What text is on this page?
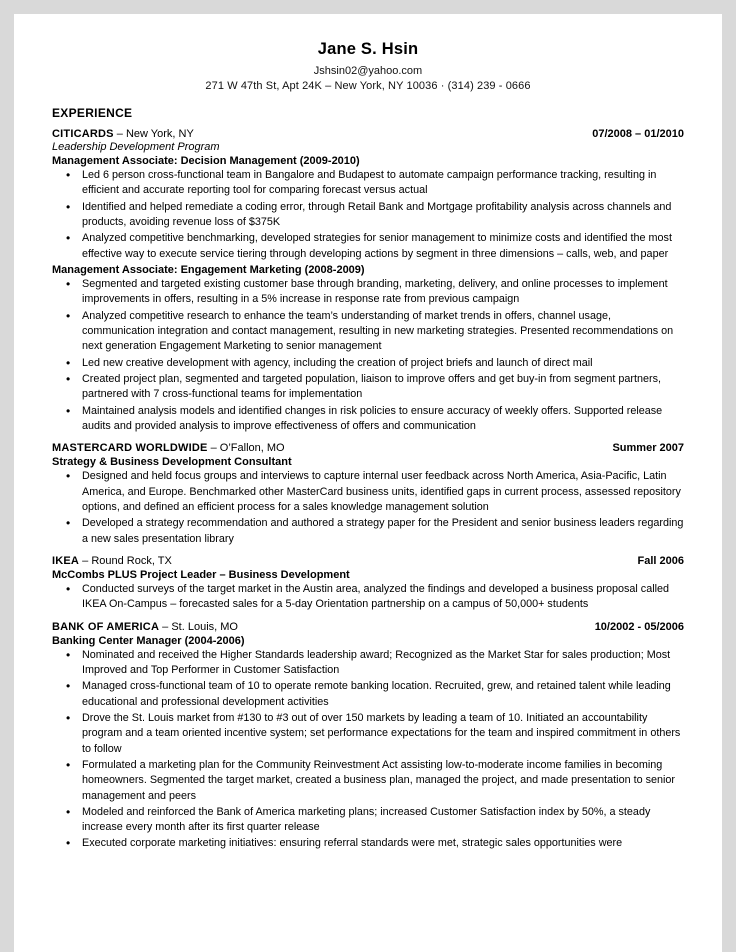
Jane S. Hsin
Jshsin02@yahoo.com
271 W 47th St, Apt 24K – New York, NY 10036 · (314) 239 - 0666
EXPERIENCE
CITICARDS – New York, NY	07/2008 – 01/2010
Leadership Development Program
Management Associate: Decision Management (2009-2010)
• Led 6 person cross-functional team in Bangalore and Budapest to automate campaign performance tracking, resulting in efficient and accurate reporting tool for comparing forecast versus actual
• Identified and helped remediate a coding error, through Retail Bank and Mortgage profitability analysis across channels and products, avoiding revenue loss of $375K
• Analyzed competitive benchmarking, developed strategies for senior management to minimize costs and identified the most effective way to execute service tiering through developing actions by segment in three dimensions – calls, web, and paper
Management Associate: Engagement Marketing (2008-2009)
• Segmented and targeted existing customer base through branding, marketing, delivery, and online processes to implement improvements in offers, resulting in a 5% increase in response rate from previous campaign
• Analyzed competitive research to enhance the team’s understanding of market trends in offers, channel usage, communication integration and contact management, resulting in new marketing strategies. Presented recommendations on next generation Engagement Marketing to senior management
• Led new creative development with agency, including the creation of project briefs and launch of direct mail
• Created project plan, segmented and targeted population, liaison to improve offers and get buy-in from segment partners, partnered with 7 cross-functional teams for implementation
• Maintained analysis models and identified changes in risk policies to ensure accuracy of weekly offers. Supported release audits and provided analysis to improve effectiveness of offers and communication
MASTERCARD WORLDWIDE – O’Fallon, MO	Summer 2007
Strategy & Business Development Consultant
• Designed and held focus groups and interviews to capture internal user feedback across North America, Asia-Pacific, Latin America, and Europe. Benchmarked other MasterCard business units, identified gaps in current process, assessed repository options, and defined an efficient process for a sales knowledge management solution
• Developed a strategy recommendation and authored a strategy paper for the President and senior business leaders regarding a new sales presentation library
IKEA – Round Rock, TX	Fall 2006
McCombs PLUS Project Leader – Business Development
• Conducted surveys of the target market in the Austin area, analyzed the findings and developed a business proposal called IKEA On-Campus – forecasted sales for a 5-day Orientation partnership on a campus of 50,000+ students
BANK OF AMERICA – St. Louis, MO	10/2002 - 05/2006
Banking Center Manager (2004-2006)
• Nominated and received the Higher Standards leadership award; Recognized as the Market Star for sales production; Most Improved and Top Performer in Customer Satisfaction
• Managed cross-functional team of 10 to operate remote banking location. Recruited, grew, and retained talent while leading educational and professional development activities
• Drove the St. Louis market from #130 to #3 out of over 150 markets by leading a team of 10. Initiated an accountability program and a team oriented incentive system; set performance expectations for the team and inspired commitment in others to follow
• Formulated a marketing plan for the Community Reinvestment Act assisting low-to-moderate income families in becoming homeowners. Segmented the target market, created a business plan, managed the project, and made presentation to senior management and peers
• Modeled and reinforced the Bank of America marketing plans; increased Customer Satisfaction index by 50%, a steady increase every month after its first quarter release
• Executed corporate marketing initiatives: ensuring referral standards were met, strategic sales opportunities were
